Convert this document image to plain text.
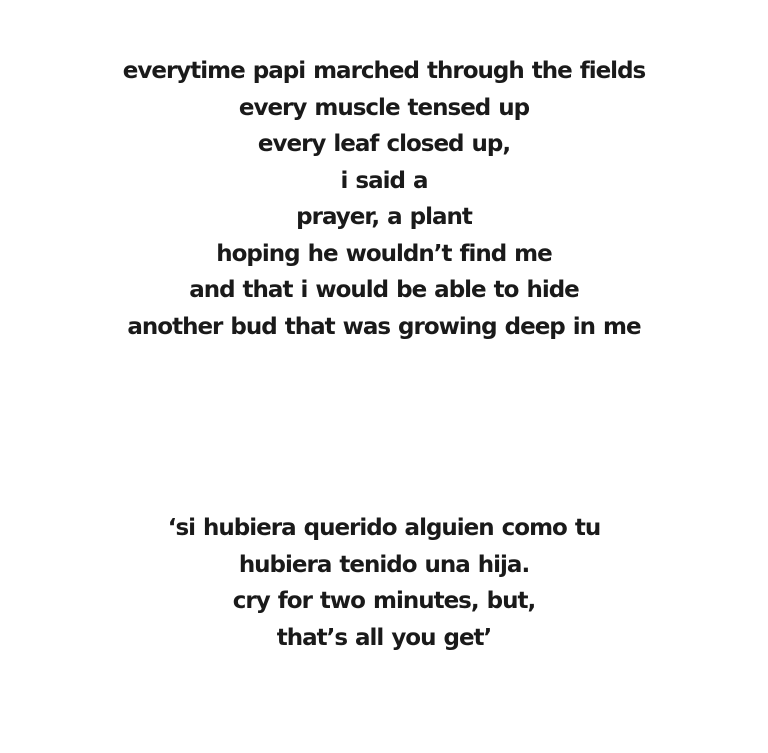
everytime papi marched through the fields
every muscle tensed up
every leaf closed up,
i said a
prayer, a plant
hoping he wouldn’t find me
and that i would be able to hide
another bud that was growing deep in me
‘si hubiera querido alguien como tu
hubiera tenido una hija.
cry for two minutes, but,
that’s all you get’
